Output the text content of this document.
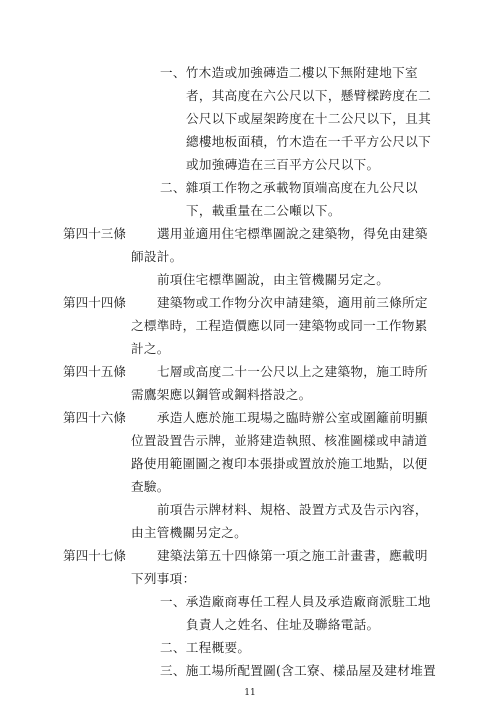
一、竹木造或加強磚造二樓以下無附建地下室
者，其高度在六公尺以下，懸臂樑跨度在二
公尺以下或屋架跨度在十二公尺以下，且其
總樓地板面積，竹木造在一千平方公尺以下
或加強磚造在三百平方公尺以下。
二、雜項工作物之承載物頂端高度在九公尺以
下，載重量在二公噸以下。
第四十三條 選用並適用住宅標準圖說之建築物，得免由建築
師設計。
前項住宅標準圖說，由主管機關另定之。
第四十四條 建築物或工作物分次申請建築，適用前三條所定
之標準時，工程造價應以同一建築物或同一工作物累
計之。
第四十五條 七層或高度二十一公尺以上之建築物，施工時所
需鷹架應以鋼管或鋼料搭設之。
第四十六條 承造人應於施工現場之臨時辦公室或圍籬前明顯
位置設置告示牌，並將建造執照、核准圖樣或申請道
路使用範圍圖之複印本張掛或置放於施工地點，以便
查驗。
前項告示牌材料、規格、設置方式及告示內容，
由主管機關另定之。
第四十七條 建築法第五十四條第一項之施工計畫書，應載明
下列事項：
一、承造廠商專任工程人員及承造廠商派駐工地
負責人之姓名、住址及聯絡電話。
二、工程概要。
三、施工場所配置圖(含工寮、樣品屋及建材堆置
11
